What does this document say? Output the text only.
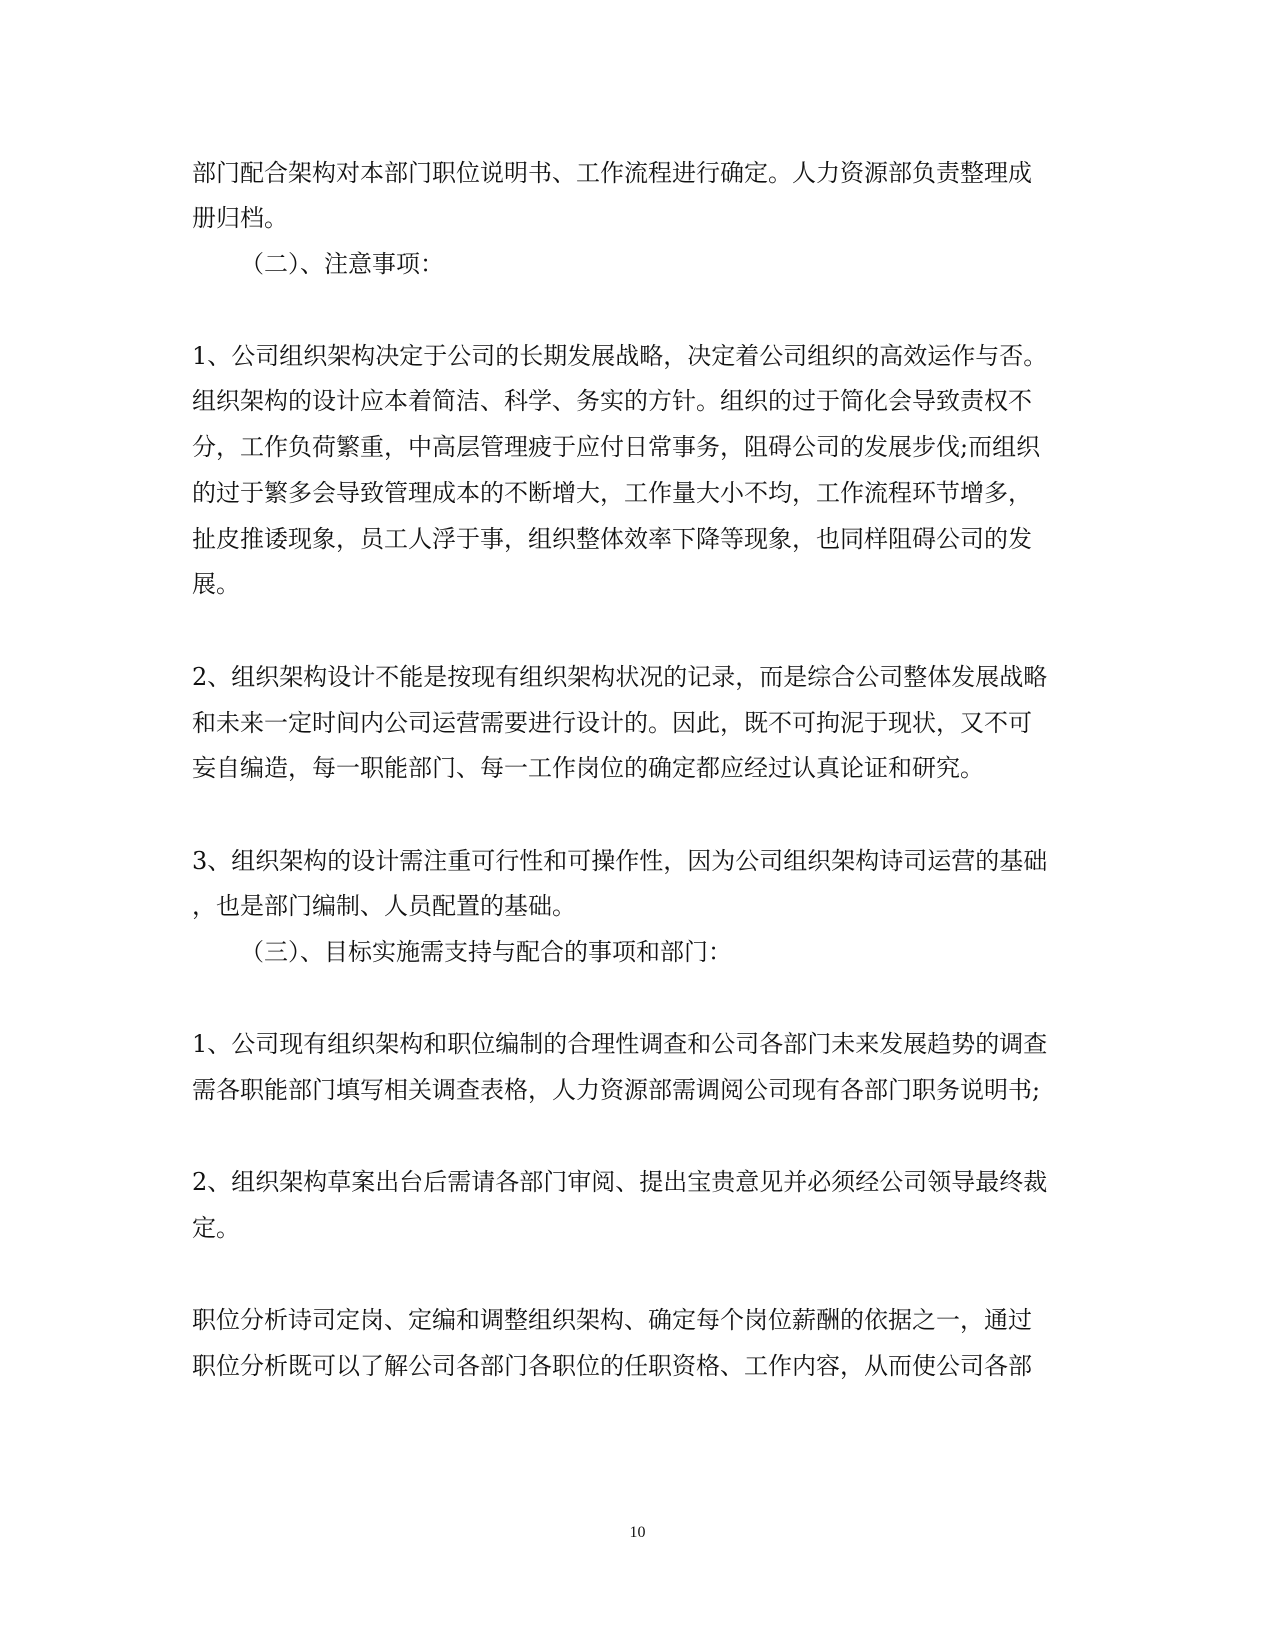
部门配合架构对本部门职位说明书、工作流程进行确定。人力资源部负责整理成

册归档。

（二）、注意事项：

1、公司组织架构决定于公司的长期发展战略，决定着公司组织的高效运作与否。

组织架构的设计应本着简洁、科学、务实的方针。组织的过于简化会导致责权不

分，工作负荷繁重，中高层管理疲于应付日常事务，阻碍公司的发展步伐;而组织

的过于繁多会导致管理成本的不断增大，工作量大小不均，工作流程环节增多，

扯皮推诿现象，员工人浮于事，组织整体效率下降等现象，也同样阻碍公司的发

展。

2、组织架构设计不能是按现有组织架构状况的记录，而是综合公司整体发展战略

和未来一定时间内公司运营需要进行设计的。因此，既不可拘泥于现状，又不可

妄自编造，每一职能部门、每一工作岗位的确定都应经过认真论证和研究。

3、组织架构的设计需注重可行性和可操作性，因为公司组织架构诗司运营的基础

，也是部门编制、人员配置的基础。

（三）、目标实施需支持与配合的事项和部门：

1、公司现有组织架构和职位编制的合理性调查和公司各部门未来发展趋势的调查

需各职能部门填写相关调查表格，人力资源部需调阅公司现有各部门职务说明书;

2、组织架构草案出台后需请各部门审阅、提出宝贵意见并必须经公司领导最终裁

定。

职位分析诗司定岗、定编和调整组织架构、确定每个岗位薪酬的依据之一，通过

职位分析既可以了解公司各部门各职位的任职资格、工作内容，从而使公司各部

10
